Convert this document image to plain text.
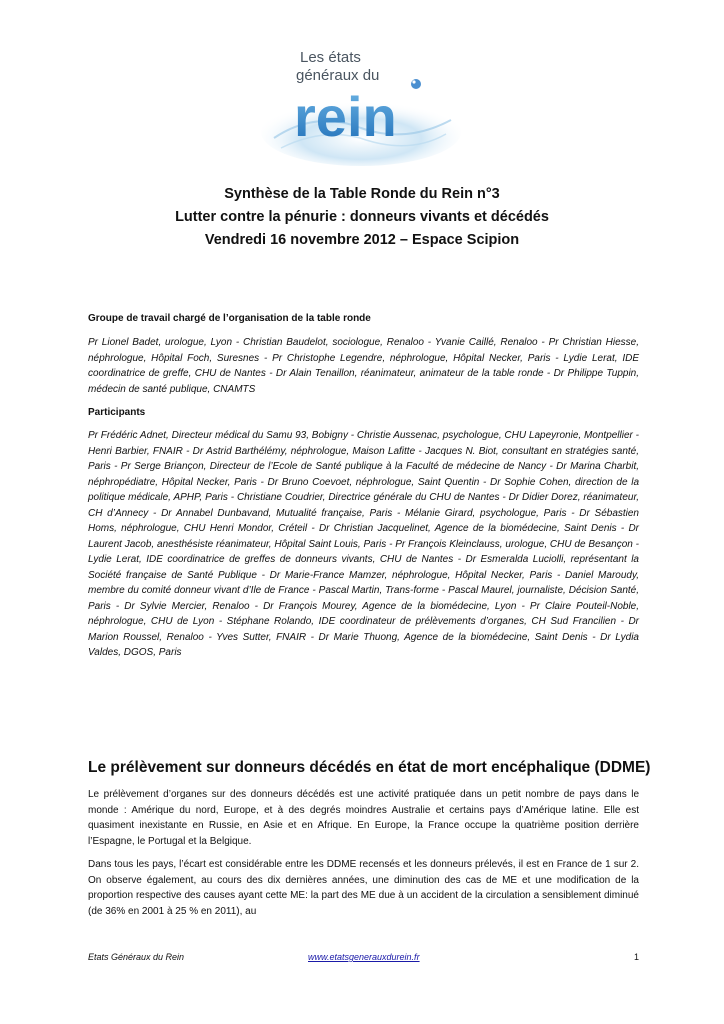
Les états
généraux du
rein
Synthèse de la Table Ronde du Rein n°3
Lutter contre la pénurie : donneurs vivants et décédés
Vendredi 16 novembre 2012 – Espace Scipion
Groupe de travail chargé de l’organisation de la table ronde
Pr Lionel Badet, urologue, Lyon - Christian Baudelot, sociologue, Renaloo - Yvanie Caillé, Renaloo - Pr Christian Hiesse, néphrologue, Hôpital Foch, Suresnes - Pr Christophe Legendre, néphrologue, Hôpital Necker, Paris - Lydie Lerat, IDE coordinatrice de greffe, CHU de Nantes - Dr Alain Tenaillon, réanimateur, animateur de la table ronde - Dr Philippe Tuppin, médecin de santé publique, CNAMTS
Participants
Pr Frédéric Adnet, Directeur médical du Samu 93, Bobigny - Christie Aussenac, psychologue, CHU Lapeyronie, Montpellier - Henri Barbier, FNAIR - Dr Astrid Barthélémy, néphrologue, Maison Lafitte - Jacques N. Biot, consultant en stratégies santé, Paris - Pr Serge Briançon, Directeur de l’Ecole de Santé publique à la Faculté de médecine de Nancy - Dr Marina Charbit, néphropédiatre, Hôpital Necker, Paris - Dr Bruno Coevoet, néphrologue, Saint Quentin - Dr Sophie Cohen, direction de la politique médicale, APHP, Paris - Christiane Coudrier, Directrice générale du CHU de Nantes - Dr Didier Dorez, réanimateur, CH d’Annecy - Dr Annabel Dunbavand, Mutualité française, Paris - Mélanie Girard, psychologue, Paris - Dr Sébastien Homs, néphrologue, CHU Henri Mondor, Créteil - Dr Christian Jacquelinet, Agence de la biomédecine, Saint Denis - Dr Laurent Jacob, anesthésiste réanimateur, Hôpital Saint Louis, Paris - Pr François Kleinclauss, urologue, CHU de Besançon - Lydie Lerat, IDE coordinatrice de greffes de donneurs vivants, CHU de Nantes - Dr Esmeralda Luciolli, représentant la Société française de Santé Publique - Dr Marie-France Mamzer, néphrologue, Hôpital Necker, Paris - Daniel Maroudy, membre du comité donneur vivant d’Ile de France - Pascal Martin, Trans-forme - Pascal Maurel, journaliste, Décision Santé, Paris - Dr Sylvie Mercier, Renaloo - Dr François Mourey, Agence de la biomédecine, Lyon - Pr Claire Pouteil-Noble, néphrologue, CHU de Lyon - Stéphane Rolando, IDE coordinateur de prélèvements d’organes, CH Sud Francilien - Dr Marion Roussel, Renaloo - Yves Sutter, FNAIR - Dr Marie Thuong, Agence de la biomédecine, Saint Denis - Dr Lydia Valdes, DGOS, Paris
Le prélèvement sur donneurs décédés en état de mort encéphalique (DDME)
Le prélèvement d’organes sur des donneurs décédés est une activité pratiquée dans un petit nombre de pays dans le monde : Amérique du nord, Europe, et à des degrés moindres Australie et certains pays d’Amérique latine. Elle est quasiment inexistante en Russie, en Asie et en Afrique. En Europe, la France occupe la quatrième position derrière l’Espagne, le Portugal et la Belgique.
Dans tous les pays, l’écart est considérable entre les DDME recensés et les donneurs prélevés, il est en France de 1 sur 2. On observe également, au cours des dix dernières années, une diminution des cas de ME et une modification de la proportion respective des causes ayant cette ME: la part des ME due à un accident de la circulation a sensiblement diminué (de 36% en 2001 à 25 % en 2011), au
Etats Généraux du Rein	www.etatsgenerauxdurein.fr	1
